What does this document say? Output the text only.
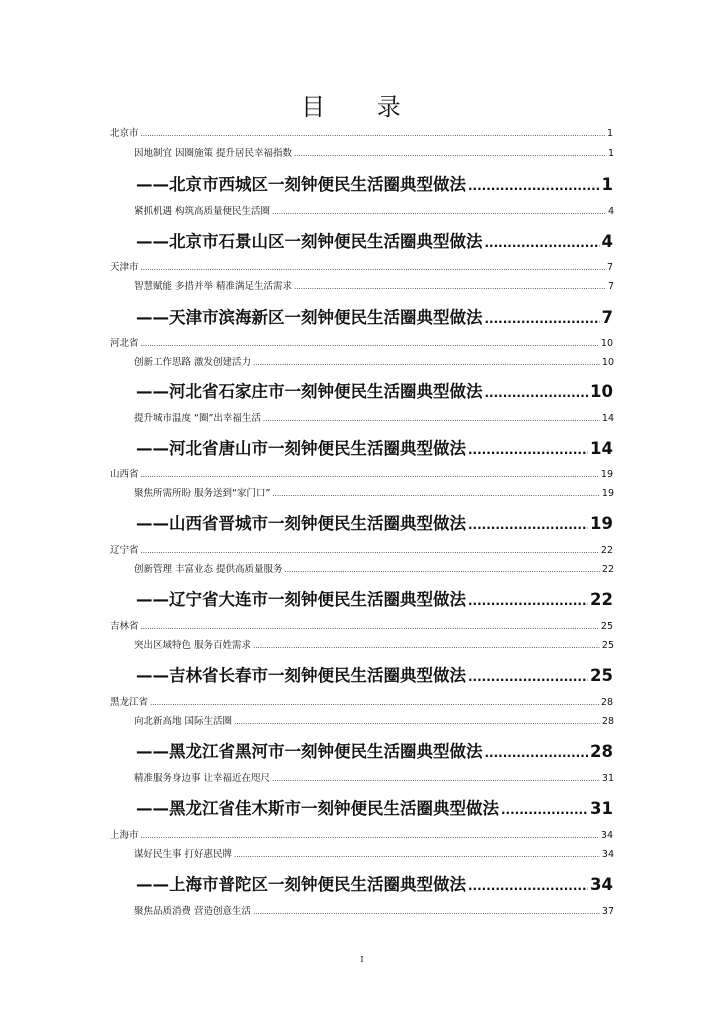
目 录
北京市 .....	1
因地制宜 因圈施策 提升居民幸福指数 .....	1
——北京市西城区一刻钟便民生活圈典型做法 .....	1
紧抓机遇 构筑高质量便民生活圈 .....	4
——北京市石景山区一刻钟便民生活圈典型做法 .....	4
天津市 .....	7
智慧赋能 多措并举 精准满足生活需求 .....	7
——天津市滨海新区一刻钟便民生活圈典型做法 .....	7
河北省 .....	10
创新工作思路 激发创建活力 .....	10
——河北省石家庄市一刻钟便民生活圈典型做法 .....	10
提升城市温度 “圈”出幸福生活 .....	14
——河北省唐山市一刻钟便民生活圈典型做法 .....	14
山西省 .....	19
聚焦所需所盼 服务送到“家门口” .....	19
——山西省晋城市一刻钟便民生活圈典型做法 .....	19
辽宁省 .....	22
创新管理 丰富业态 提供高质量服务 .....	22
——辽宁省大连市一刻钟便民生活圈典型做法 .....	22
吉林省 .....	25
突出区域特色 服务百姓需求 .....	25
——吉林省长春市一刻钟便民生活圈典型做法 .....	25
黑龙江省 .....	28
向北新高地 国际生活圈 .....	28
——黑龙江省黑河市一刻钟便民生活圈典型做法 .....	28
精准服务身边事 让幸福近在咫尺 .....	31
——黑龙江省佳木斯市一刻钟便民生活圈典型做法 .....	31
上海市 .....	34
谋好民生事 打好惠民牌 .....	34
——上海市普陀区一刻钟便民生活圈典型做法 .....	34
聚焦品质消费 营造创意生活 .....	37
I
